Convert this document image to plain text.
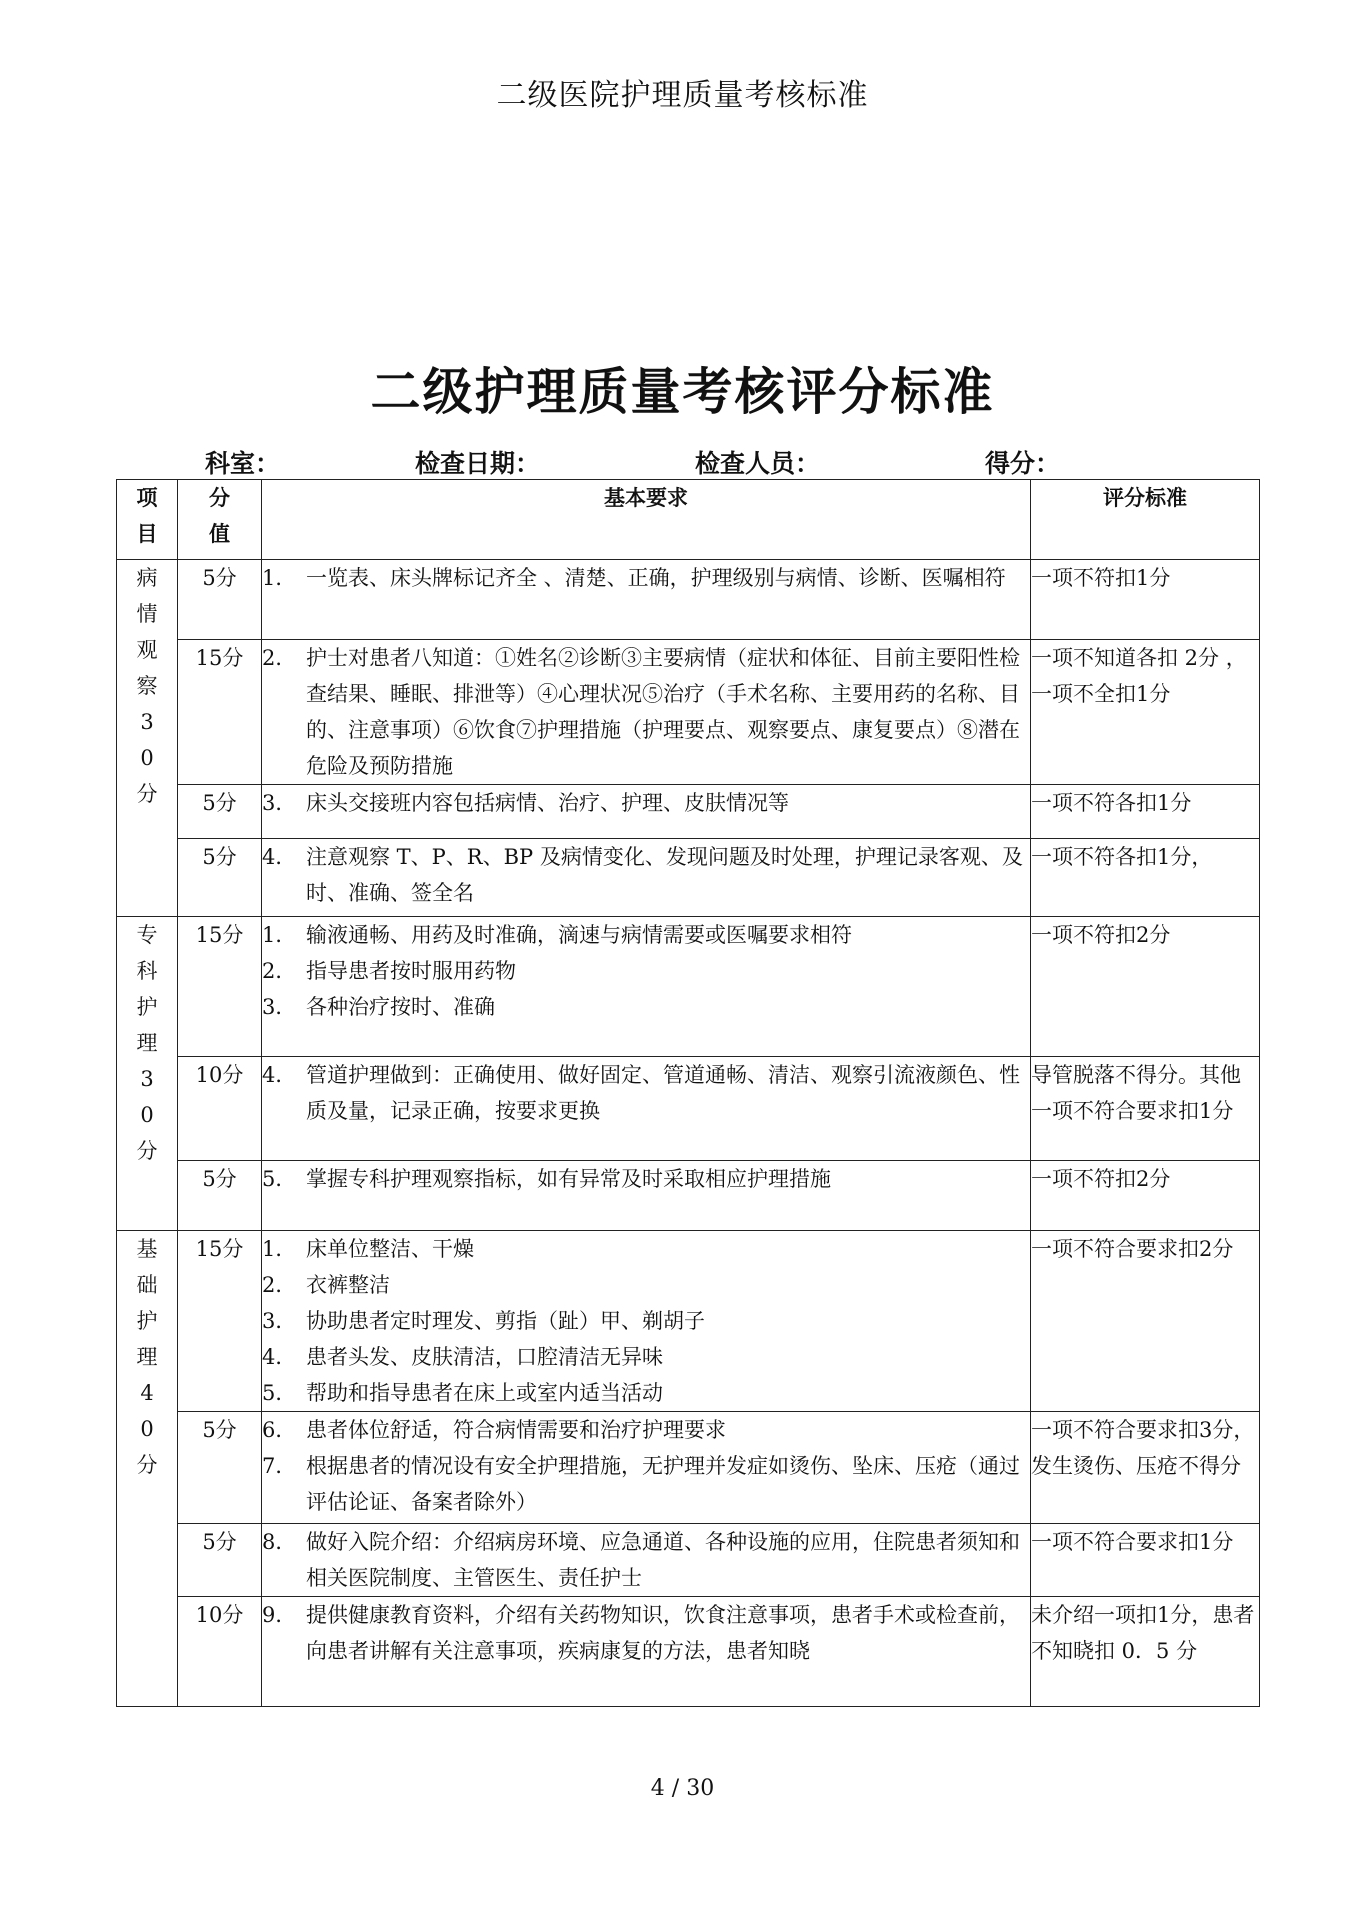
二级医院护理质量考核标准
二级护理质量考核评分标准
科室：	检查日期：	检查人员：	得分：
项目	分值	基本要求	评分标准
病情观察30分	5分	1． 一览表、床头牌标记齐全 、清楚、正确，护理级别与病情、诊断、医嘱相符	一项不符扣1分
	15分	2． 护士对患者八知道：①姓名②诊断③主要病情（症状和体征、目前主要阳性检查结果、睡眠、排泄等）④心理状况⑤治疗（手术名称、主要用药的名称、目的、注意事项）⑥饮食⑦护理措施（护理要点、观察要点、康复要点）⑧潜在危险及预防措施	一项不知道各扣 2分 ，一项不全扣1分
	5分	3． 床头交接班内容包括病情、治疗、护理、皮肤情况等	一项不符各扣1分
	5分	4． 注意观察 T、P、R、BP 及病情变化、发现问题及时处理，护理记录客观、及时、准确、签全名	一项不符各扣1分，
专科护理30分	15分	1． 输液通畅、用药及时准确，滴速与病情需要或医嘱要求相符
2． 指导患者按时服用药物
3． 各种治疗按时、准确	一项不符扣2分
	10分	4． 管道护理做到：正确使用、做好固定、管道通畅、清洁、观察引流液颜色、性质及量，记录正确，按要求更换	导管脱落不得分。其他一项不符合要求扣1分
	5分	5． 掌握专科护理观察指标，如有异常及时采取相应护理措施	一项不符扣2分
基础护理40分	15分	1． 床单位整洁、干燥
2． 衣裤整洁
3． 协助患者定时理发、剪指（趾）甲、剃胡子
4． 患者头发、皮肤清洁，口腔清洁无异味
5． 帮助和指导患者在床上或室内适当活动	一项不符合要求扣2分
	5分	6． 患者体位舒适，符合病情需要和治疗护理要求
7． 根据患者的情况设有安全护理措施，无护理并发症如烫伤、坠床、压疮（通过评估论证、备案者除外）	一项不符合要求扣3分，发生烫伤、压疮不得分
	5分	8． 做好入院介绍：介绍病房环境、应急通道、各种设施的应用，住院患者须知和相关医院制度、主管医生、责任护士	一项不符合要求扣1分
	10分	9． 提供健康教育资料，介绍有关药物知识，饮食注意事项，患者手术或检查前，向患者讲解有关注意事项，疾病康复的方法，患者知晓	未介绍一项扣1分，患者不知晓扣 0．5 分
4 / 30
